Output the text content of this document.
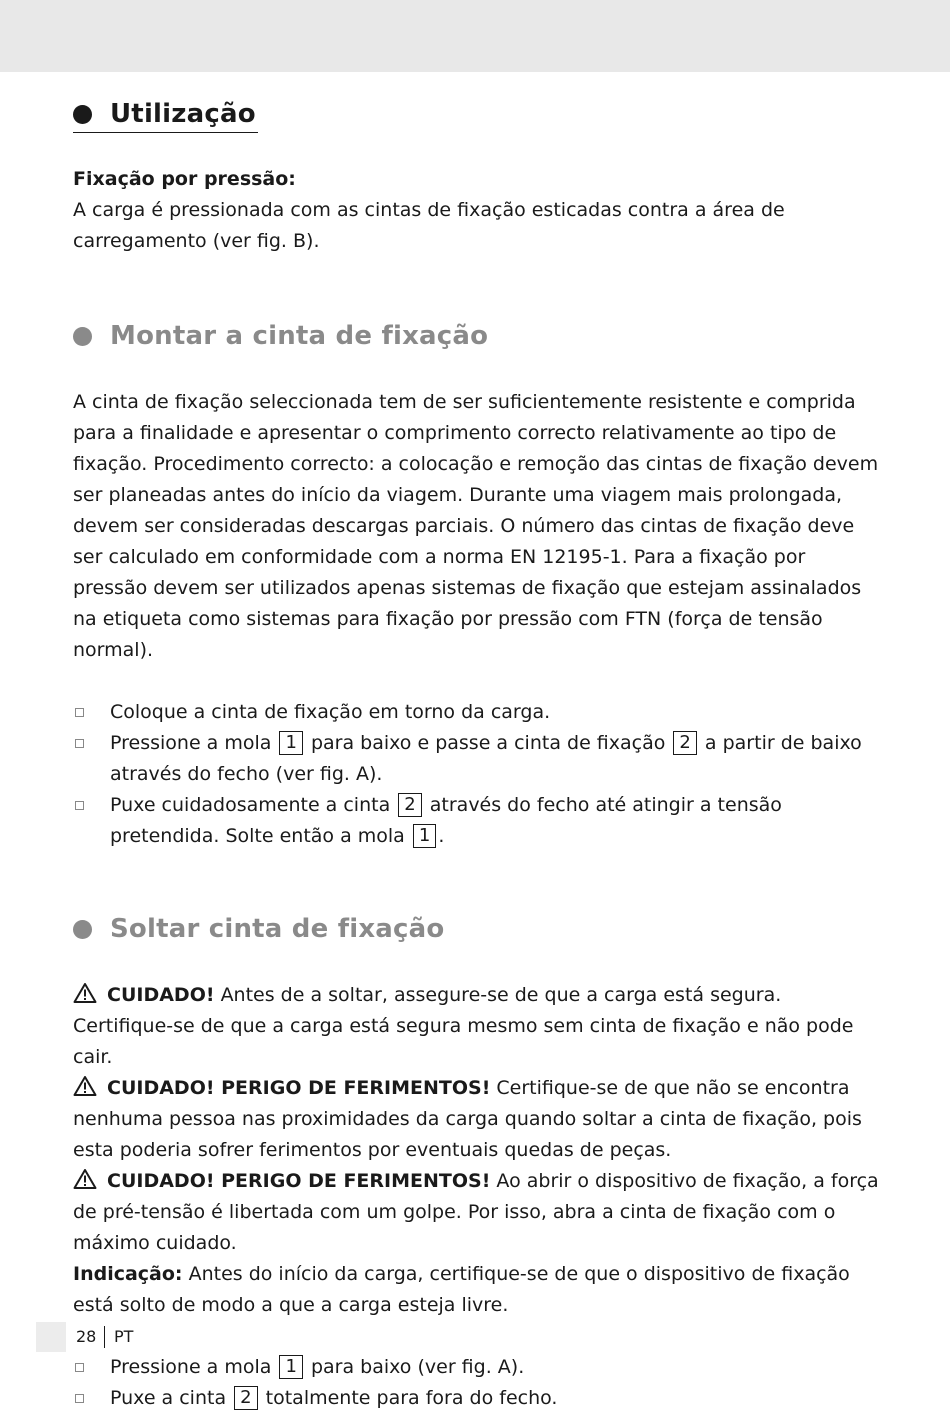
Utilização

Fixação por pressão:

A carga é pressionada com as cintas de fixação esticadas contra a área de carregamento (ver fig. B).

Montar a cinta de fixação

A cinta de fixação seleccionada tem de ser suficientemente resistente e comprida para a finalidade e apresentar o comprimento correcto relativamente ao tipo de fixação. Procedimento correcto: a colocação e remoção das cintas de fixação devem ser planeadas antes do início da viagem. Durante uma viagem mais prolongada, devem ser consideradas descargas parciais. O número das cintas de fixação deve ser calculado em conformidade com a norma EN 12195-1. Para a fixação por pressão devem ser utilizados apenas sistemas de fixação que estejam assinalados na etiqueta como sistemas para fixação por pressão com FTN (força de tensão normal).

Coloque a cinta de fixação em torno da carga.
Pressione a mola 1 para baixo e passe a cinta de fixação 2 a partir de baixo através do fecho (ver fig. A).
Puxe cuidadosamente a cinta 2 através do fecho até atingir a tensão pretendida. Solte então a mola 1 .
Soltar cinta de fixação

CUIDADO! Antes de a soltar, assegure-se de que a carga está segura. Certifique-se de que a carga está segura mesmo sem cinta de fixação e não pode cair.

CUIDADO! PERIGO DE FERIMENTOS! Certifique-se de que não se encontra nenhuma pessoa nas proximidades da carga quando soltar a cinta de fixação, pois esta poderia sofrer ferimentos por eventuais quedas de peças.

CUIDADO! PERIGO DE FERIMENTOS! Ao abrir o dispositivo de fixação, a força de pré-tensão é libertada com um golpe. Por isso, abra a cinta de fixação com o máximo cuidado.

Indicação: Antes do início da carga, certifique-se de que o dispositivo de fixação está solto de modo a que a carga esteja livre.

Pressione a mola 1 para baixo (ver fig. A).
Puxe a cinta 2 totalmente para fora do fecho.
28 PT
